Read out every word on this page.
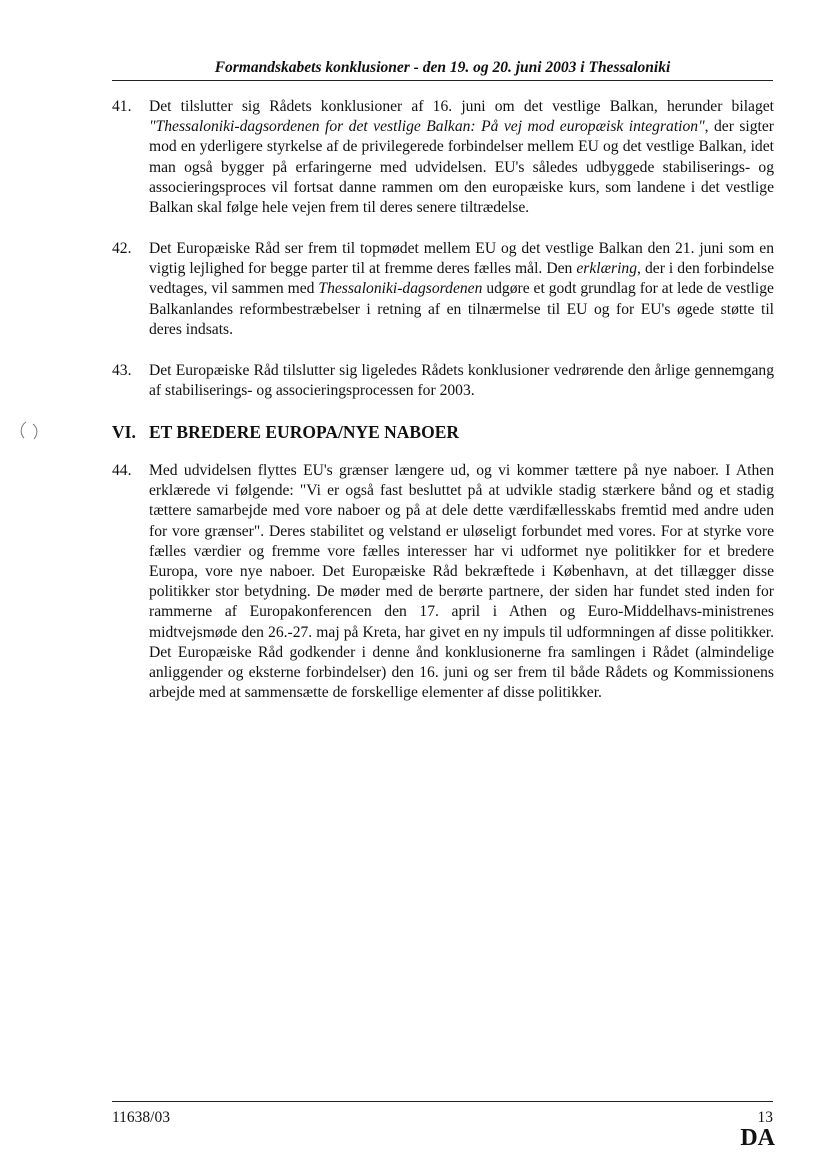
Formandskabets konklusioner - den 19. og 20. juni 2003 i Thessaloniki
41.	Det tilslutter sig Rådets konklusioner af 16. juni om det vestlige Balkan, herunder bilaget "Thessaloniki-dagsordenen for det vestlige Balkan: På vej mod europæisk integration", der sigter mod en yderligere styrkelse af de privilegerede forbindelser mellem EU og det vestlige Balkan, idet man også bygger på erfaringerne med udvidelsen. EU's således udbyggede stabiliserings- og associeringsproces vil fortsat danne rammen om den europæiske kurs, som landene i det vestlige Balkan skal følge hele vejen frem til deres senere tiltrædelse.
42.	Det Europæiske Råd ser frem til topmødet mellem EU og det vestlige Balkan den 21. juni som en vigtig lejlighed for begge parter til at fremme deres fælles mål. Den erklæring, der i den forbindelse vedtages, vil sammen med Thessaloniki-dagsordenen udgøre et godt grundlag for at lede de vestlige Balkanlandes reformbestræbelser i retning af en tilnærmelse til EU og for EU's øgede støtte til deres indsats.
43.	Det Europæiske Råd tilslutter sig ligeledes Rådets konklusioner vedrørende den årlige gennemgang af stabiliserings- og associeringsprocessen for 2003.
VI. ET BREDERE EUROPA/NYE NABOER
44.	Med udvidelsen flyttes EU's grænser længere ud, og vi kommer tættere på nye naboer. I Athen erklærede vi følgende: "Vi er også fast besluttet på at udvikle stadig stærkere bånd og et stadig tættere samarbejde med vore naboer og på at dele dette værdifællesskabs fremtid med andre uden for vore grænser". Deres stabilitet og velstand er uløseligt forbundet med vores. For at styrke vore fælles værdier og fremme vore fælles interesser har vi udformet nye politikker for et bredere Europa, vore nye naboer. Det Europæiske Råd bekræftede i København, at det tillægger disse politikker stor betydning. De møder med de berørte partnere, der siden har fundet sted inden for rammerne af Europakonferencen den 17. april i Athen og Euro-Middelhavs-ministrenes midtvejsmøde den 26.-27. maj på Kreta, har givet en ny impuls til udformningen af disse politikker. Det Europæiske Råd godkender i denne ånd konklusionerne fra samlingen i Rådet (almindelige anliggender og eksterne forbindelser) den 16. juni og ser frem til både Rådets og Kommissionens arbejde med at sammensætte de forskellige elementer af disse politikker.
11638/03	13
DA
